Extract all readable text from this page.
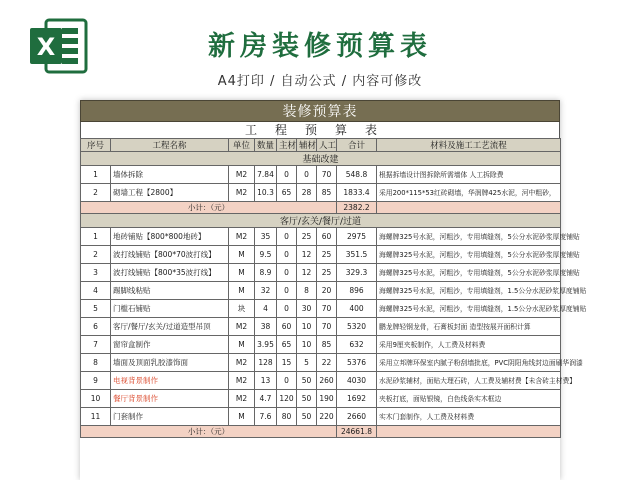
X	新房装修预算表
A4打印 / 自动公式 / 内容可修改
装修预算表
工程预算表
序号	工程名称	单位	数量	主材	辅材	人工	合计	材料及施工工艺流程
基础改建								
1	墙体拆除	M2	7.84	0	0	70	548.8	根据拆墙设计图拆除所需墙体 人工拆除费
2	砌墙工程【2800】	M2	10.3	65	28	85	1833.4	采用200*115*53红砖砌墙，华润牌425水泥，河中粗砂，
小计：（元）							2382.2	
客厅/玄关/餐厅/过道								
1	地砖铺贴【800*800地砖】	M2	35	0	25	60	2975	海螺牌325号水泥，河粗沙，专用填缝剂，5公分水泥砂浆厚度铺贴
2	波打线铺贴【800*70波打线】	M	9.5	0	12	25	351.5	海螺牌325号水泥，河粗沙，专用填缝剂，5公分水泥砂浆厚度铺贴
3	波打线铺贴【800*35波打线】	M	8.9	0	12	25	329.3	海螺牌325号水泥，河粗沙，专用填缝剂，5公分水泥砂浆厚度铺贴
4	踢脚线粘贴	M	32	0	8	20	896	海螺牌325号水泥，河粗沙，专用填缝剂，1.5公分水泥砂浆厚度铺贴
5	门槛石铺贴	块	4	0	30	70	400	海螺牌325号水泥，河粗沙，专用填缝剂，1.5公分水泥砂浆厚度铺贴
6	客厅/餐厅/玄关/过道造型吊顶	M2	38	60	10	70	5320	鹏龙牌轻钢龙骨，石膏板封面 造型按展开面积计算
7	窗帘盒制作	M	3.95	65	10	85	632	采用9厘夹板制作，人工费及材料费
8	墙面及顶面乳胶漆饰面	M2	128	15	5	22	5376	采用立邦牌环保室内腻子粉刮墙批底，PVC阴阳角线封边面刷华润漆
9	电视背景制作	M2	13	0	50	260	4030	水泥砂浆辅材，面贴大理石砖，人工费及辅材费【未含砖主材费】
10	餐厅背景制作	M2	4.7	120	50	190	1692	夹板打底，面贴银镜，白色线条实木框边
11	门套制作	M	7.6	80	50	220	2660	实木门套制作，人工费及材料费
小计：（元）							24661.8	
